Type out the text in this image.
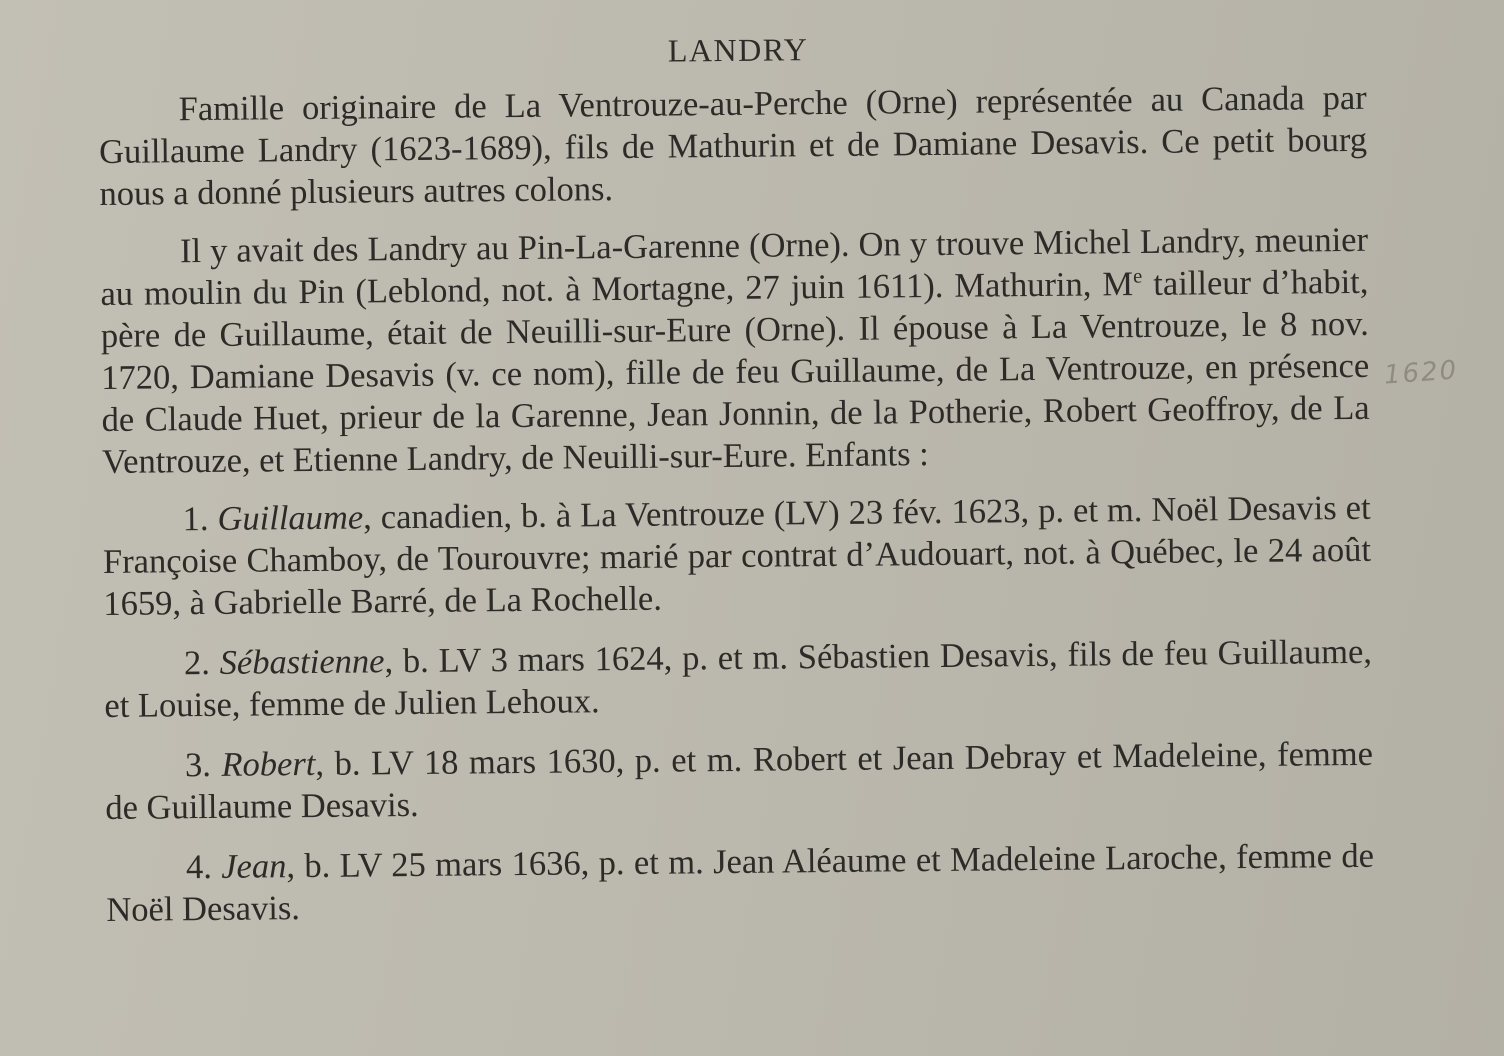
LANDRY

Famille originaire de La Ventrouze-au-Perche (Orne) représentée au Canada par Guillaume Landry (1623-1689), fils de Mathurin et de Damiane Desavis. Ce petit bourg nous a donné plusieurs autres colons.

Il y avait des Landry au Pin-La-Garenne (Orne). On y trouve Michel Landry, meunier au moulin du Pin (Leblond, not. à Mortagne, 27 juin 1611). Mathurin, Me tailleur d’habit, père de Guillaume, était de Neuilli-sur-Eure (Orne). Il épouse à La Ventrouze, le 8 nov. 1720, Damiane Desavis (v. ce nom), fille de feu Guillaume, de La Ventrouze, en présence de Claude Huet, prieur de la Garenne, Jean Jonnin, de la Potherie, Robert Geoffroy, de La Ventrouze, et Etienne Landry, de Neuilli-sur-Eure. Enfants :

1. Guillaume, canadien, b. à La Ventrouze (LV) 23 fév. 1623, p. et m. Noël Desavis et Françoise Chamboy, de Tourouvre; marié par contrat d’Audouart, not. à Québec, le 24 août 1659, à Gabrielle Barré, de La Rochelle.

2. Sébastienne, b. LV 3 mars 1624, p. et m. Sébastien Desavis, fils de feu Guillaume, et Louise, femme de Julien Lehoux.

3. Robert, b. LV 18 mars 1630, p. et m. Robert et Jean Debray et Madeleine, femme de Guillaume Desavis.

4. Jean, b. LV 25 mars 1636, p. et m. Jean Aléaume et Madeleine Laroche, femme de Noël Desavis.

1620
